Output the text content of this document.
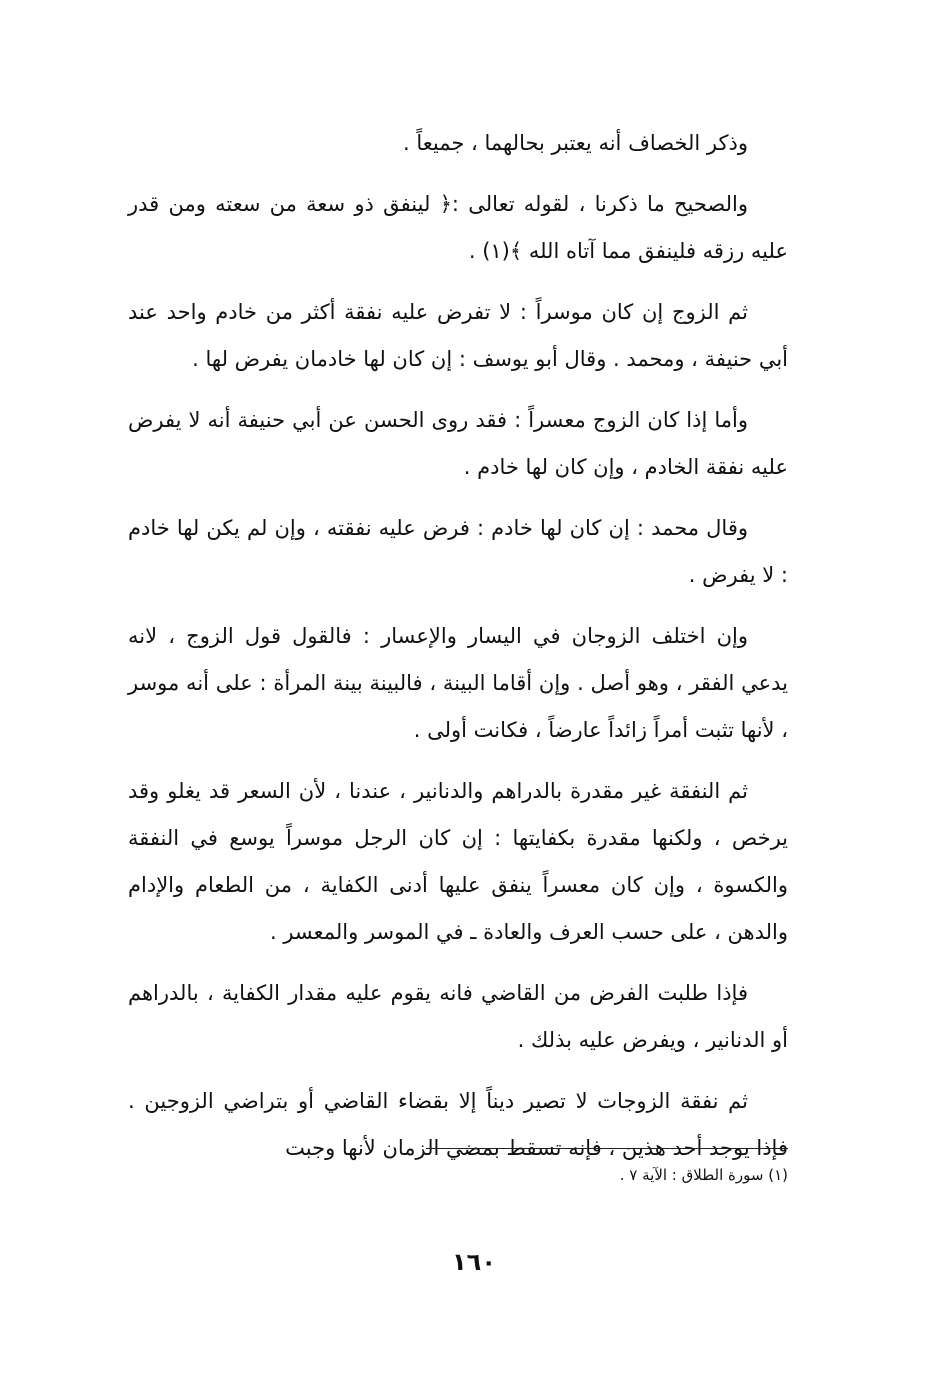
وذكر الخصاف أنه يعتبر بحالهما ، جميعاً .

والصحيح ما ذكرنا ، لقوله تعالى :﴿ لينفق ذو سعة من سعته ومن قدر عليه رزقه فلينفق مما آتاه الله ﴾(١) .

ثم الزوج إن كان موسراً : لا تفرض عليه نفقة أكثر من خادم واحد عند أبي حنيفة ، ومحمد . وقال أبو يوسف : إن كان لها خادمان يفرض لها .

وأما إذا كان الزوج معسراً : فقد روى الحسن عن أبي حنيفة أنه لا يفرض عليه نفقة الخادم ، وإن كان لها خادم .

وقال محمد : إن كان لها خادم : فرض عليه نفقته ، وإن لم يكن لها خادم : لا يفرض .

وإن اختلف الزوجان في اليسار والإعسار : فالقول قول الزوج ، لانه يدعي الفقر ، وهو أصل . وإن أقاما البينة ، فالبينة بينة المرأة : على أنه موسر ، لأنها تثبت أمراً زائداً عارضاً ، فكانت أولى .

ثم النفقة غير مقدرة بالدراهم والدنانير ، عندنا ، لأن السعر قد يغلو وقد يرخص ، ولكنها مقدرة بكفايتها : إن كان الرجل موسراً يوسع في النفقة والكسوة ، وإن كان معسراً ينفق عليها أدنى الكفاية ، من الطعام والإدام والدهن ، على حسب العرف والعادة ـ في الموسر والمعسر .

فإذا طلبت الفرض من القاضي فانه يقوم عليه مقدار الكفاية ، بالدراهم أو الدنانير ، ويفرض عليه بذلك .

ثم نفقة الزوجات لا تصير ديناً إلا بقضاء القاضي أو بتراضي الزوجين . فإذا يوجد أحد هذين ، فإنه تسقط بمضي الزمان لأنها وجبت

(١) سورة الطلاق : الآية ٧ .
١٦٠
